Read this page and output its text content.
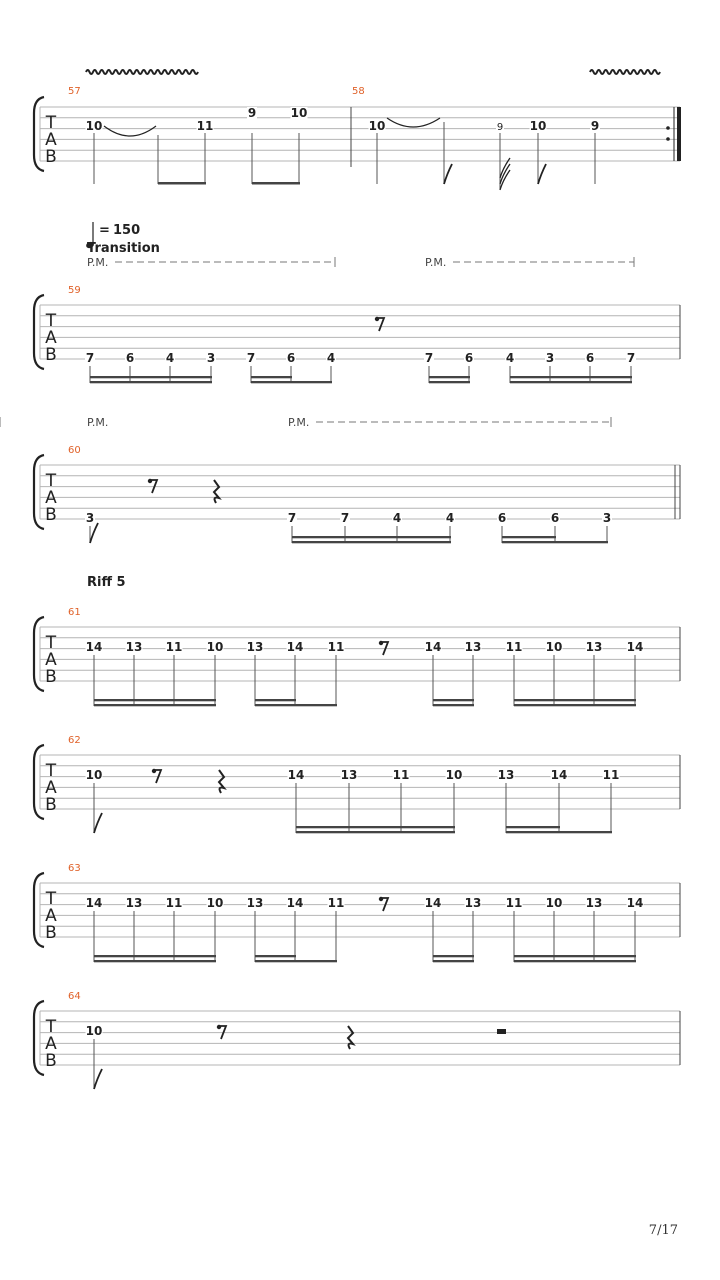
T
A
B
57	58
10	11
9	10
10	9 10	9
= 150
Transition
P.M.	P.M.
T
A
B
59
7	6	4	3	7	6	4	7	6	4	3	6	7
P.M.	P.M.
T
A
B
60
3	7	7	4	4	6	6	3
Riff 5
T
A
B
61
14 13 11 10 13 14 11	14 13 11 10 13 14
T
A
B
14 13 11 10 13 14 11	14 13 11 10 13 14
63
T
A
B
62
10	14	13	11	10	13	14	11
T
A
B
64
10
7/17
